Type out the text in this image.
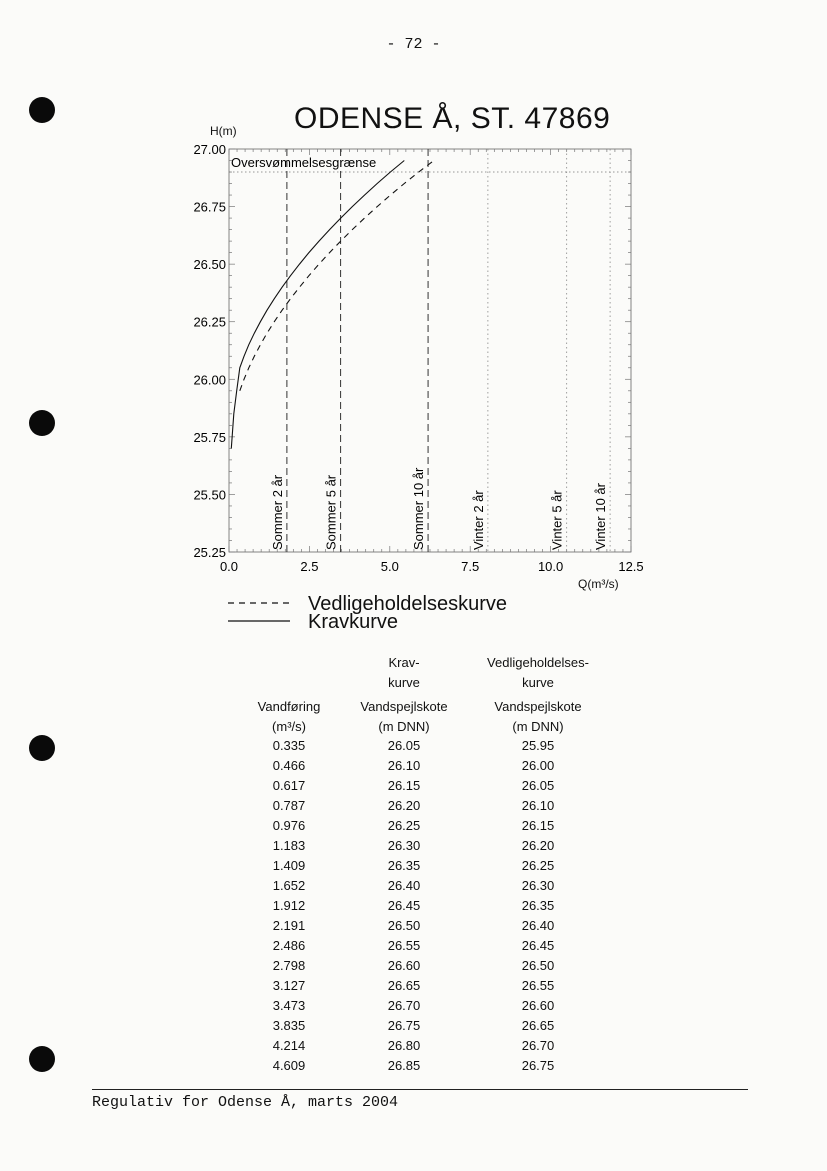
- 72 -
ODENSE Å, ST. 47869
H(m)
Q(m³/s)
0.0	2.5	5.0	7.5	10.0	12.5
25.25
25.50
25.75
26.00
26.25
26.50
26.75
27.00
Oversvømmelsesgrænse
Sommer 2 år	Sommer 5 år	Sommer 10 år	Vinter 2 år	Vinter 5 år Vinter 10 år
Vedligeholdelseskurve
Kravkurve
	Krav-	Vedligeholdelses-
	kurve	kurve
Vandføring	Vandspejlskote	Vandspejlskote
(m³/s)	(m DNN)	(m DNN)
0.335	26.05	25.95
0.466	26.10	26.00
0.617	26.15	26.05
0.787	26.20	26.10
0.976	26.25	26.15
1.183	26.30	26.20
1.409	26.35	26.25
1.652	26.40	26.30
1.912	26.45	26.35
2.191	26.50	26.40
2.486	26.55	26.45
2.798	26.60	26.50
3.127	26.65	26.55
3.473	26.70	26.60
3.835	26.75	26.65
4.214	26.80	26.70
4.609	26.85	26.75
Regulativ for Odense Å, marts 2004
